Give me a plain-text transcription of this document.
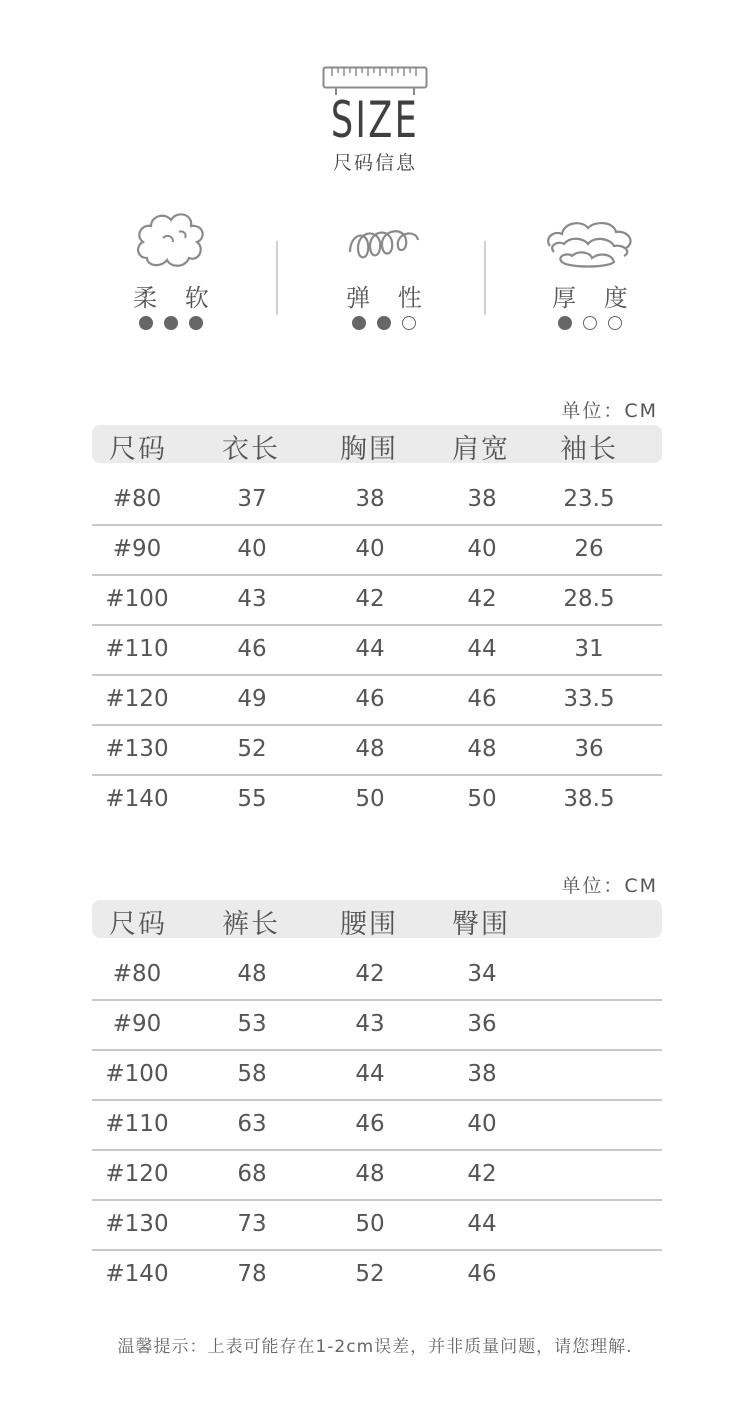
SIZE
尺码信息
柔 软	弹 性	厚 度
单位：CM
尺码 衣长 胸围 肩宽 袖长
#80	37	38	38	23.5
#90	40	40	40	26
#100	43	42	42	28.5
#110	46	44	44	31
#120	49	46	46	33.5
#130	52	48	48	36
#140	55	50	50	38.5
单位：CM
尺码 裤长 腰围 臀围
#80	48	42	34
#90	53	43	36
#100	58	44	38
#110	63	46	40
#120	68	48	42
#130	73	50	44
#140	78	52	46
温馨提示：上表可能存在1-2cm误差，并非质量问题，请您理解.
